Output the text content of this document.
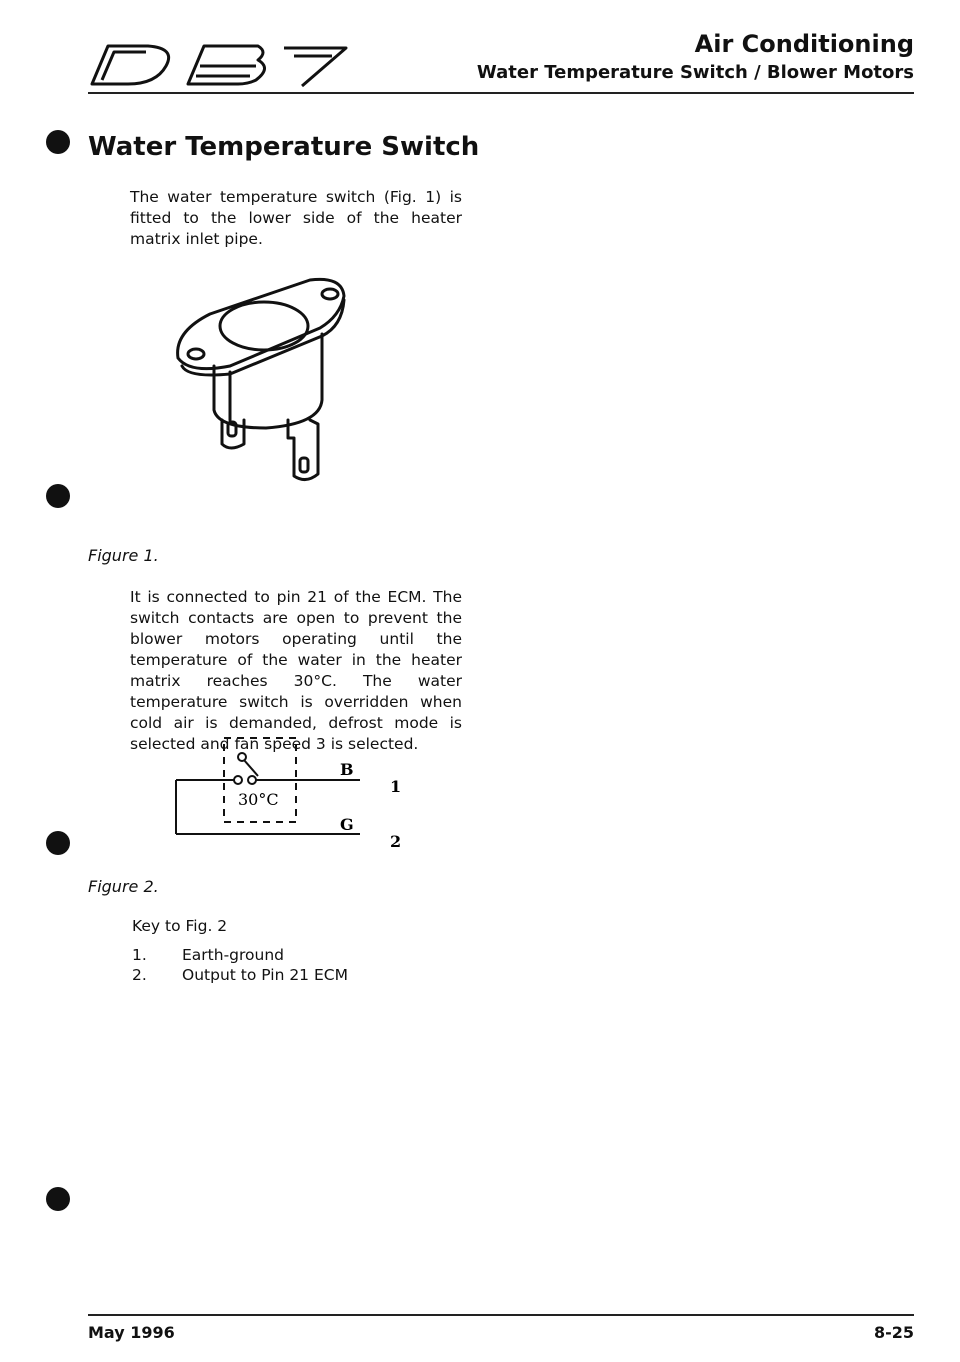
Air Conditioning
Water Temperature Switch / Blower Motors
Water Temperature Switch

The water temperature switch (Fig. 1) is fitted to the lower side of the heater matrix inlet pipe.

Figure 1.

It is connected to pin 21 of the ECM. The switch contacts are open to prevent the blower motors operating until the temperature of the water in the heater matrix reaches 30°C. The water temperature switch is overridden when cold air is demanded, defrost mode is selected and fan speed 3 is selected.

B
1
G
2
30°C
Figure 2.
Key to Fig. 2
1. Earth-ground
2. Output to Pin 21 ECM
May 1996	8-25
